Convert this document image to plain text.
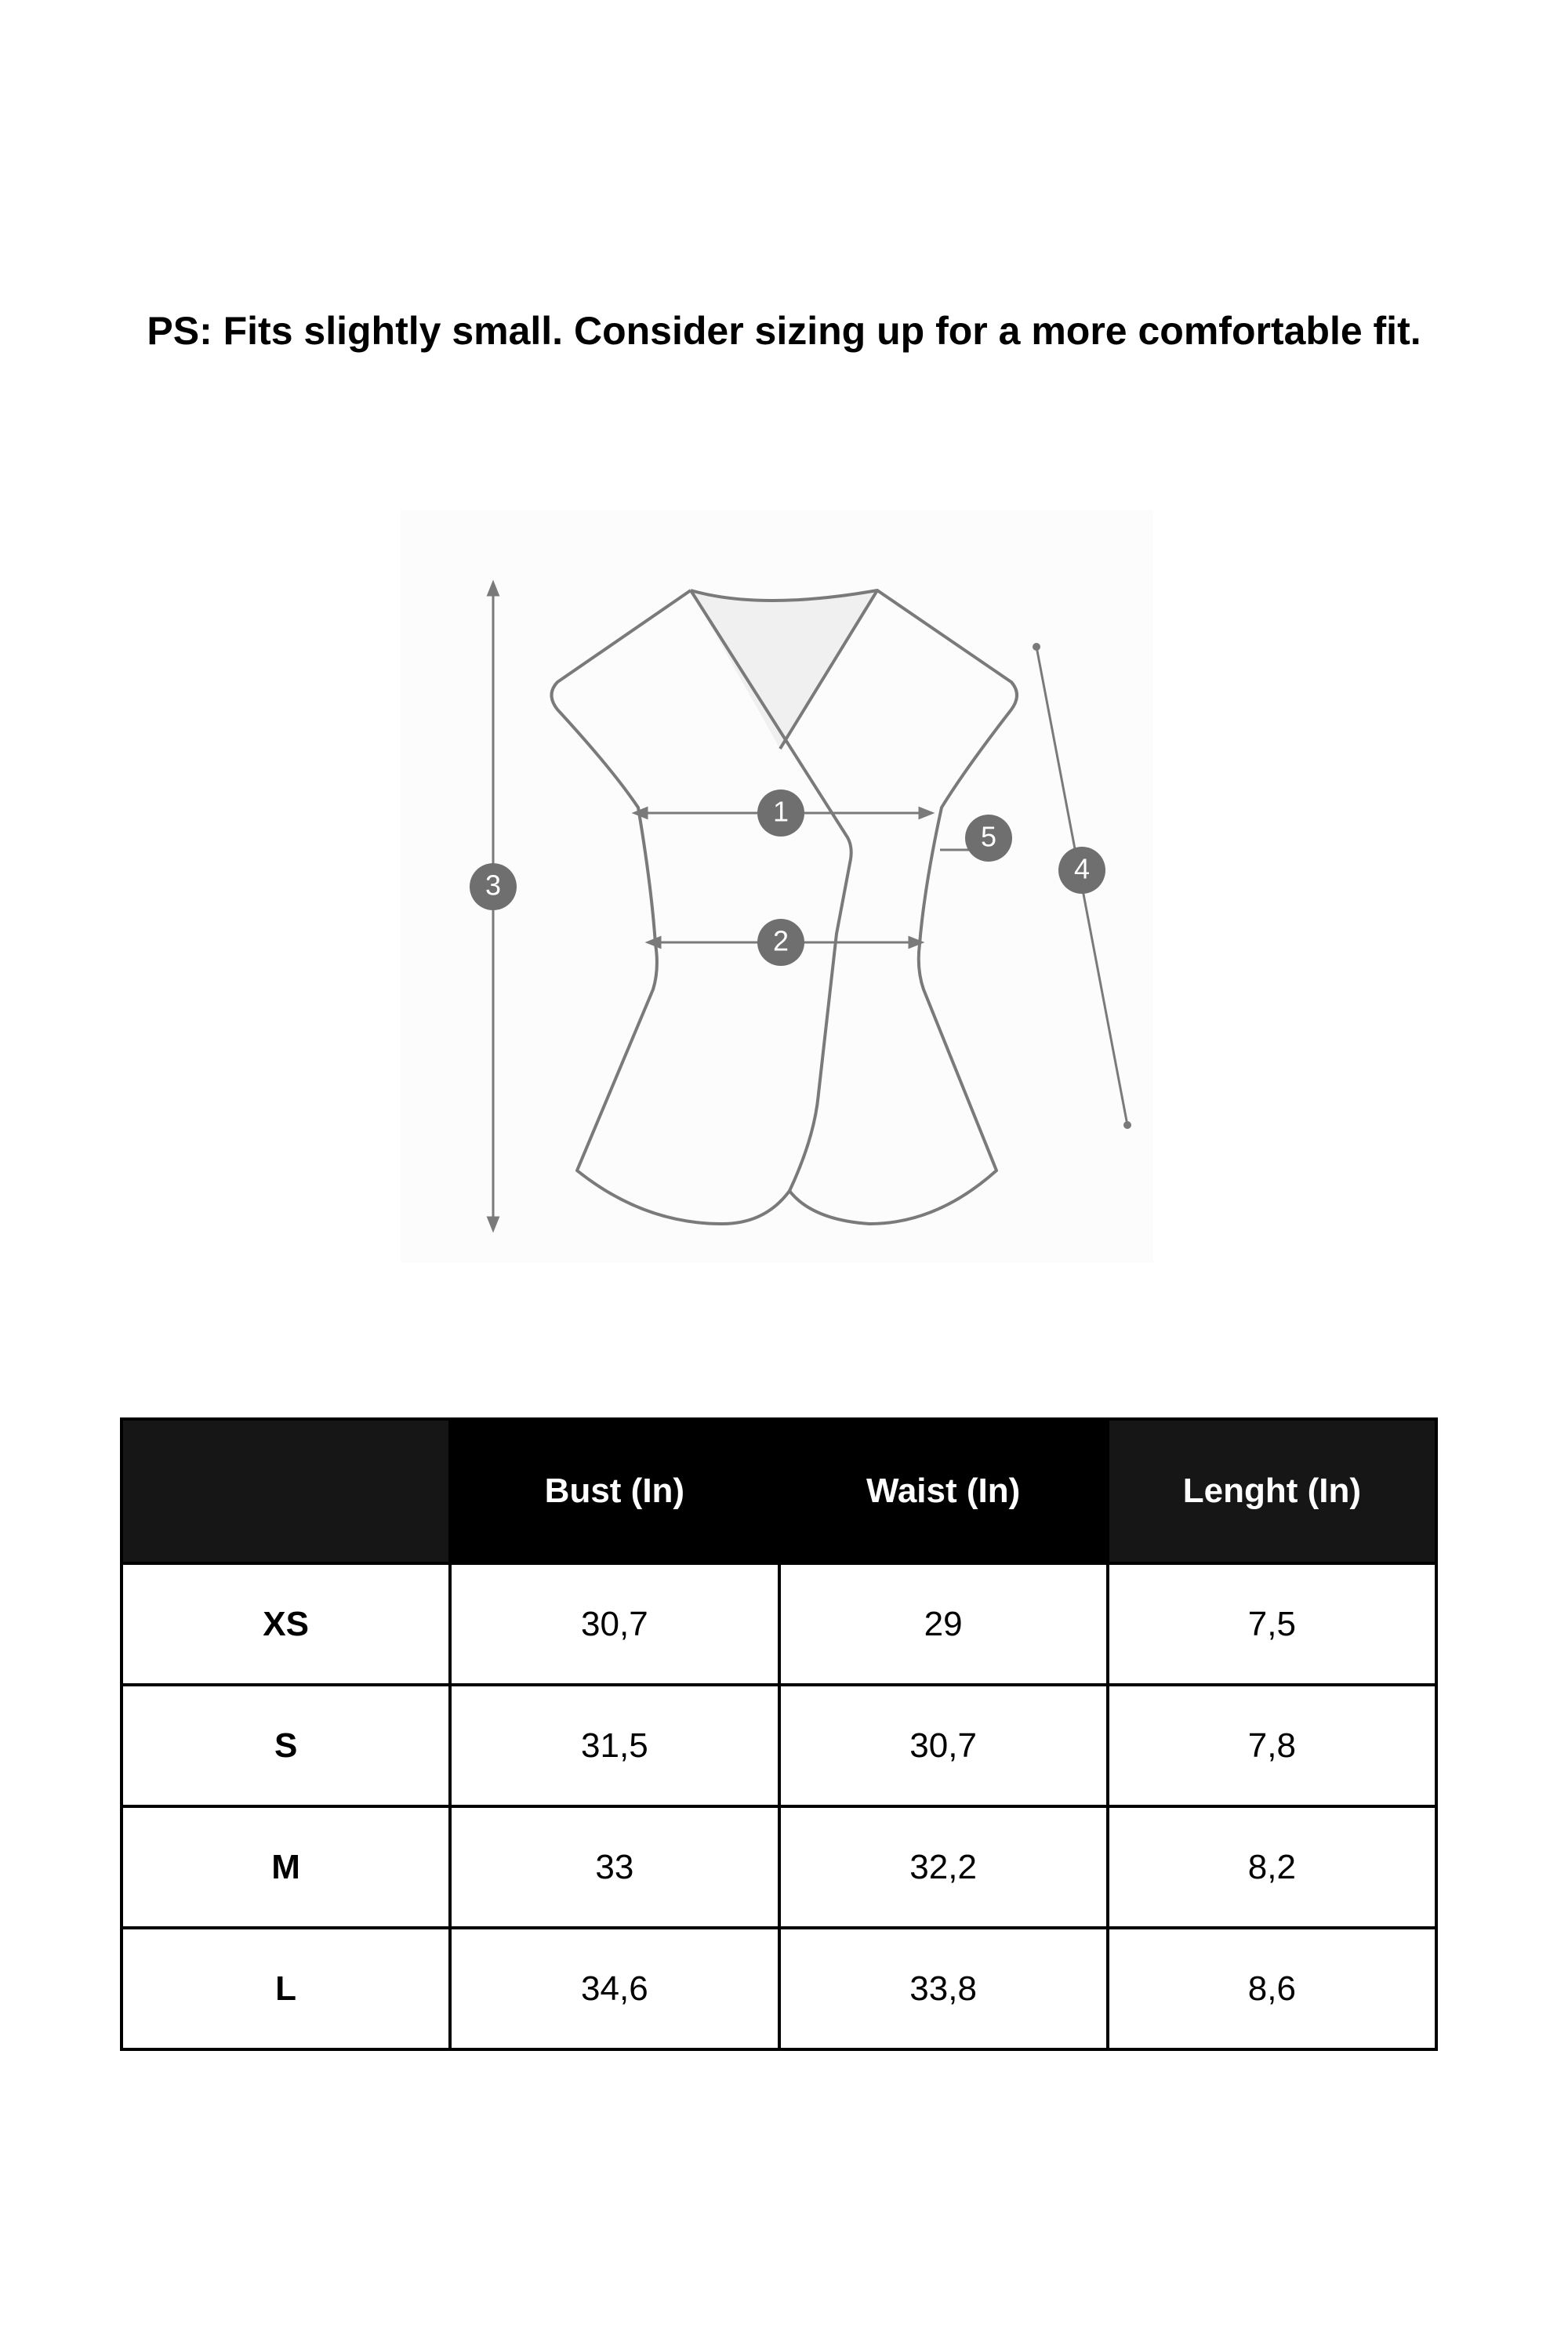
PS: Fits slightly small. Consider sizing up for a more comfortable fit.
1
2
3
4
5
	Bust (In)	Waist (In)	Lenght (In)
XS	30,7	29	7,5
S	31,5	30,7	7,8
M	33	32,2	8,2
L	34,6	33,8	8,6
